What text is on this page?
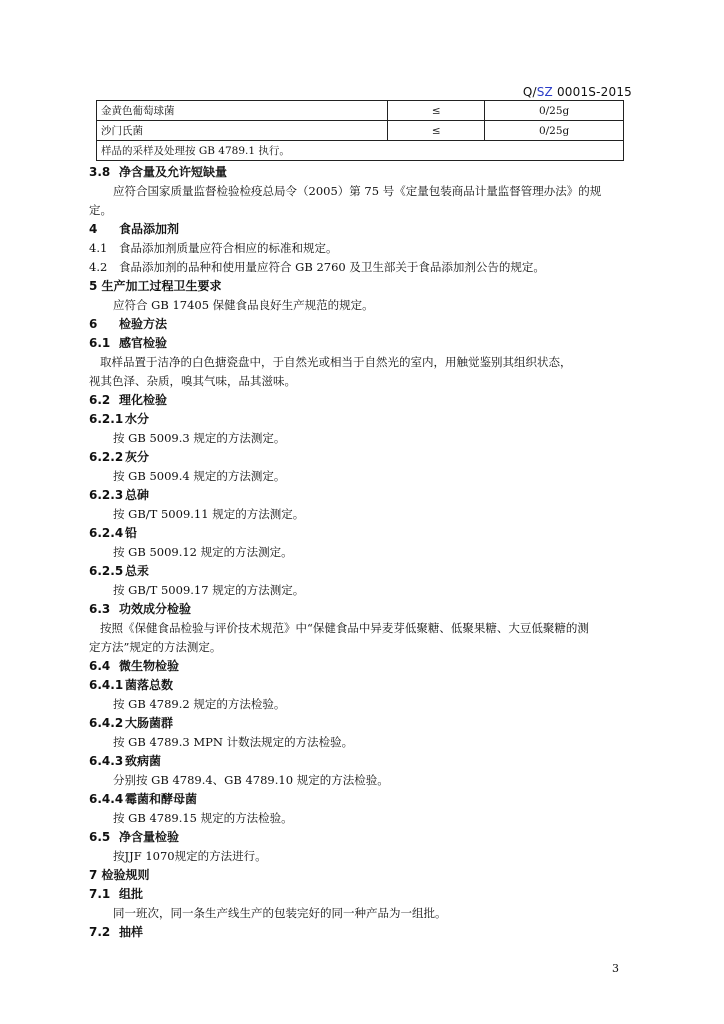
Q/SZ 0001S-2015
金黄色葡萄球菌	≤	0/25g
沙门氏菌	≤	0/25g
样品的采样及处理按 GB 4789.1 执行。		
3.8 净含量及允许短缺量
应符合国家质量监督检验检疫总局令（2005）第 75 号《定量包装商品计量监督管理办法》的规
定。
4 食品添加剂
4.1 食品添加剂质量应符合相应的标准和规定。
4.2 食品添加剂的品种和使用量应符合 GB 2760 及卫生部关于食品添加剂公告的规定。
5 生产加工过程卫生要求
应符合 GB 17405 保健食品良好生产规范的规定。
6 检验方法
6.1 感官检验
取样品置于洁净的白色搪瓷盘中，于自然光或相当于自然光的室内，用触觉鉴别其组织状态，
视其色泽、杂质，嗅其气味，品其滋味。
6.2 理化检验
6.2.1 水分
按 GB 5009.3 规定的方法测定。
6.2.2 灰分
按 GB 5009.4 规定的方法测定。
6.2.3 总砷
按 GB/T 5009.11 规定的方法测定。
6.2.4 铅
按 GB 5009.12 规定的方法测定。
6.2.5 总汞
按 GB/T 5009.17 规定的方法测定。
6.3 功效成分检验
按照《保健食品检验与评价技术规范》中“保健食品中异麦芽低聚糖、低聚果糖、大豆低聚糖的测
定方法”规定的方法测定。
6.4 微生物检验
6.4.1 菌落总数
按 GB 4789.2 规定的方法检验。
6.4.2 大肠菌群
按 GB 4789.3 MPN 计数法规定的方法检验。
6.4.3 致病菌
分别按 GB 4789.4、GB 4789.10 规定的方法检验。
6.4.4 霉菌和酵母菌
按 GB 4789.15 规定的方法检验。
6.5 净含量检验
按JJF 1070规定的方法进行。
7 检验规则
7.1 组批
同一班次，同一条生产线生产的包装完好的同一种产品为一组批。
7.2 抽样
3
